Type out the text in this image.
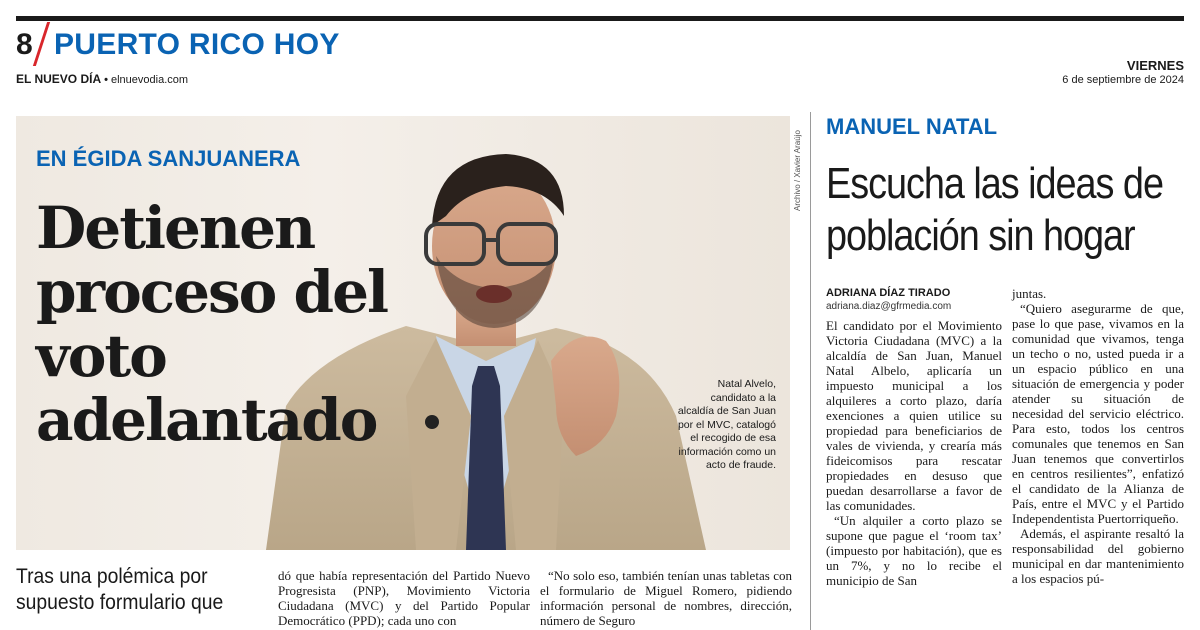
8 PUERTO RICO HOY
EL NUEVO DÍA • elnuevodia.com
VIERNES
6 de septiembre de 2024
EN ÉGIDA SANJUANERA
Detienen proceso del voto adelantado
Natal Alvelo, candidato a la alcaldía de San Juan por el MVC, catalogó el recogido de esa información como un acto de fraude.
Archivo / Xavier Araújo
MANUEL NATAL
Escucha las ideas de población sin hogar
ADRIANA DÍAZ TIRADO
adriana.diaz@gfrmedia.com

El candidato por el Movimiento Victoria Ciudadana (MVC) a la alcaldía de San Juan, Manuel Natal Albelo, aplicaría un impuesto municipal a los alquileres a corto plazo, daría exenciones a quien utilice su propiedad para beneficiarios de vales de vivienda, y crearía más fideicomisos para rescatar propiedades en desuso que puedan desarrollarse a favor de las comunidades.

“Un alquiler a corto plazo se supone que pague el ‘room tax’ (impuesto por habitación), que es un 7%, y no lo recibe el municipio de San

juntas.

“Quiero asegurarme de que, pase lo que pase, vivamos en la comunidad que vivamos, tenga un techo o no, usted pueda ir a un espacio público en una situación de emergencia y poder atender su situación de necesidad del servicio eléctrico. Para esto, todos los centros comunales que tenemos en San Juan tenemos que convertirlos en centros resilientes”, enfatizó el candidato de la Alianza de País, entre el MVC y el Partido Independentista Puertorriqueño.

Además, el aspirante resaltó la responsabilidad del gobierno municipal en dar mantenimiento a los espacios pú-

Tras una polémica por supuesto formulario que

dó que había representación del Partido Nuevo Progresista (PNP), Movimiento Victoria Ciudadana (MVC) y del Partido Popular Democrático (PPD); cada uno con

“No solo eso, también tenían unas tabletas con el formulario de Miguel Romero, pidiendo información personal de nombres, dirección, número de Seguro
